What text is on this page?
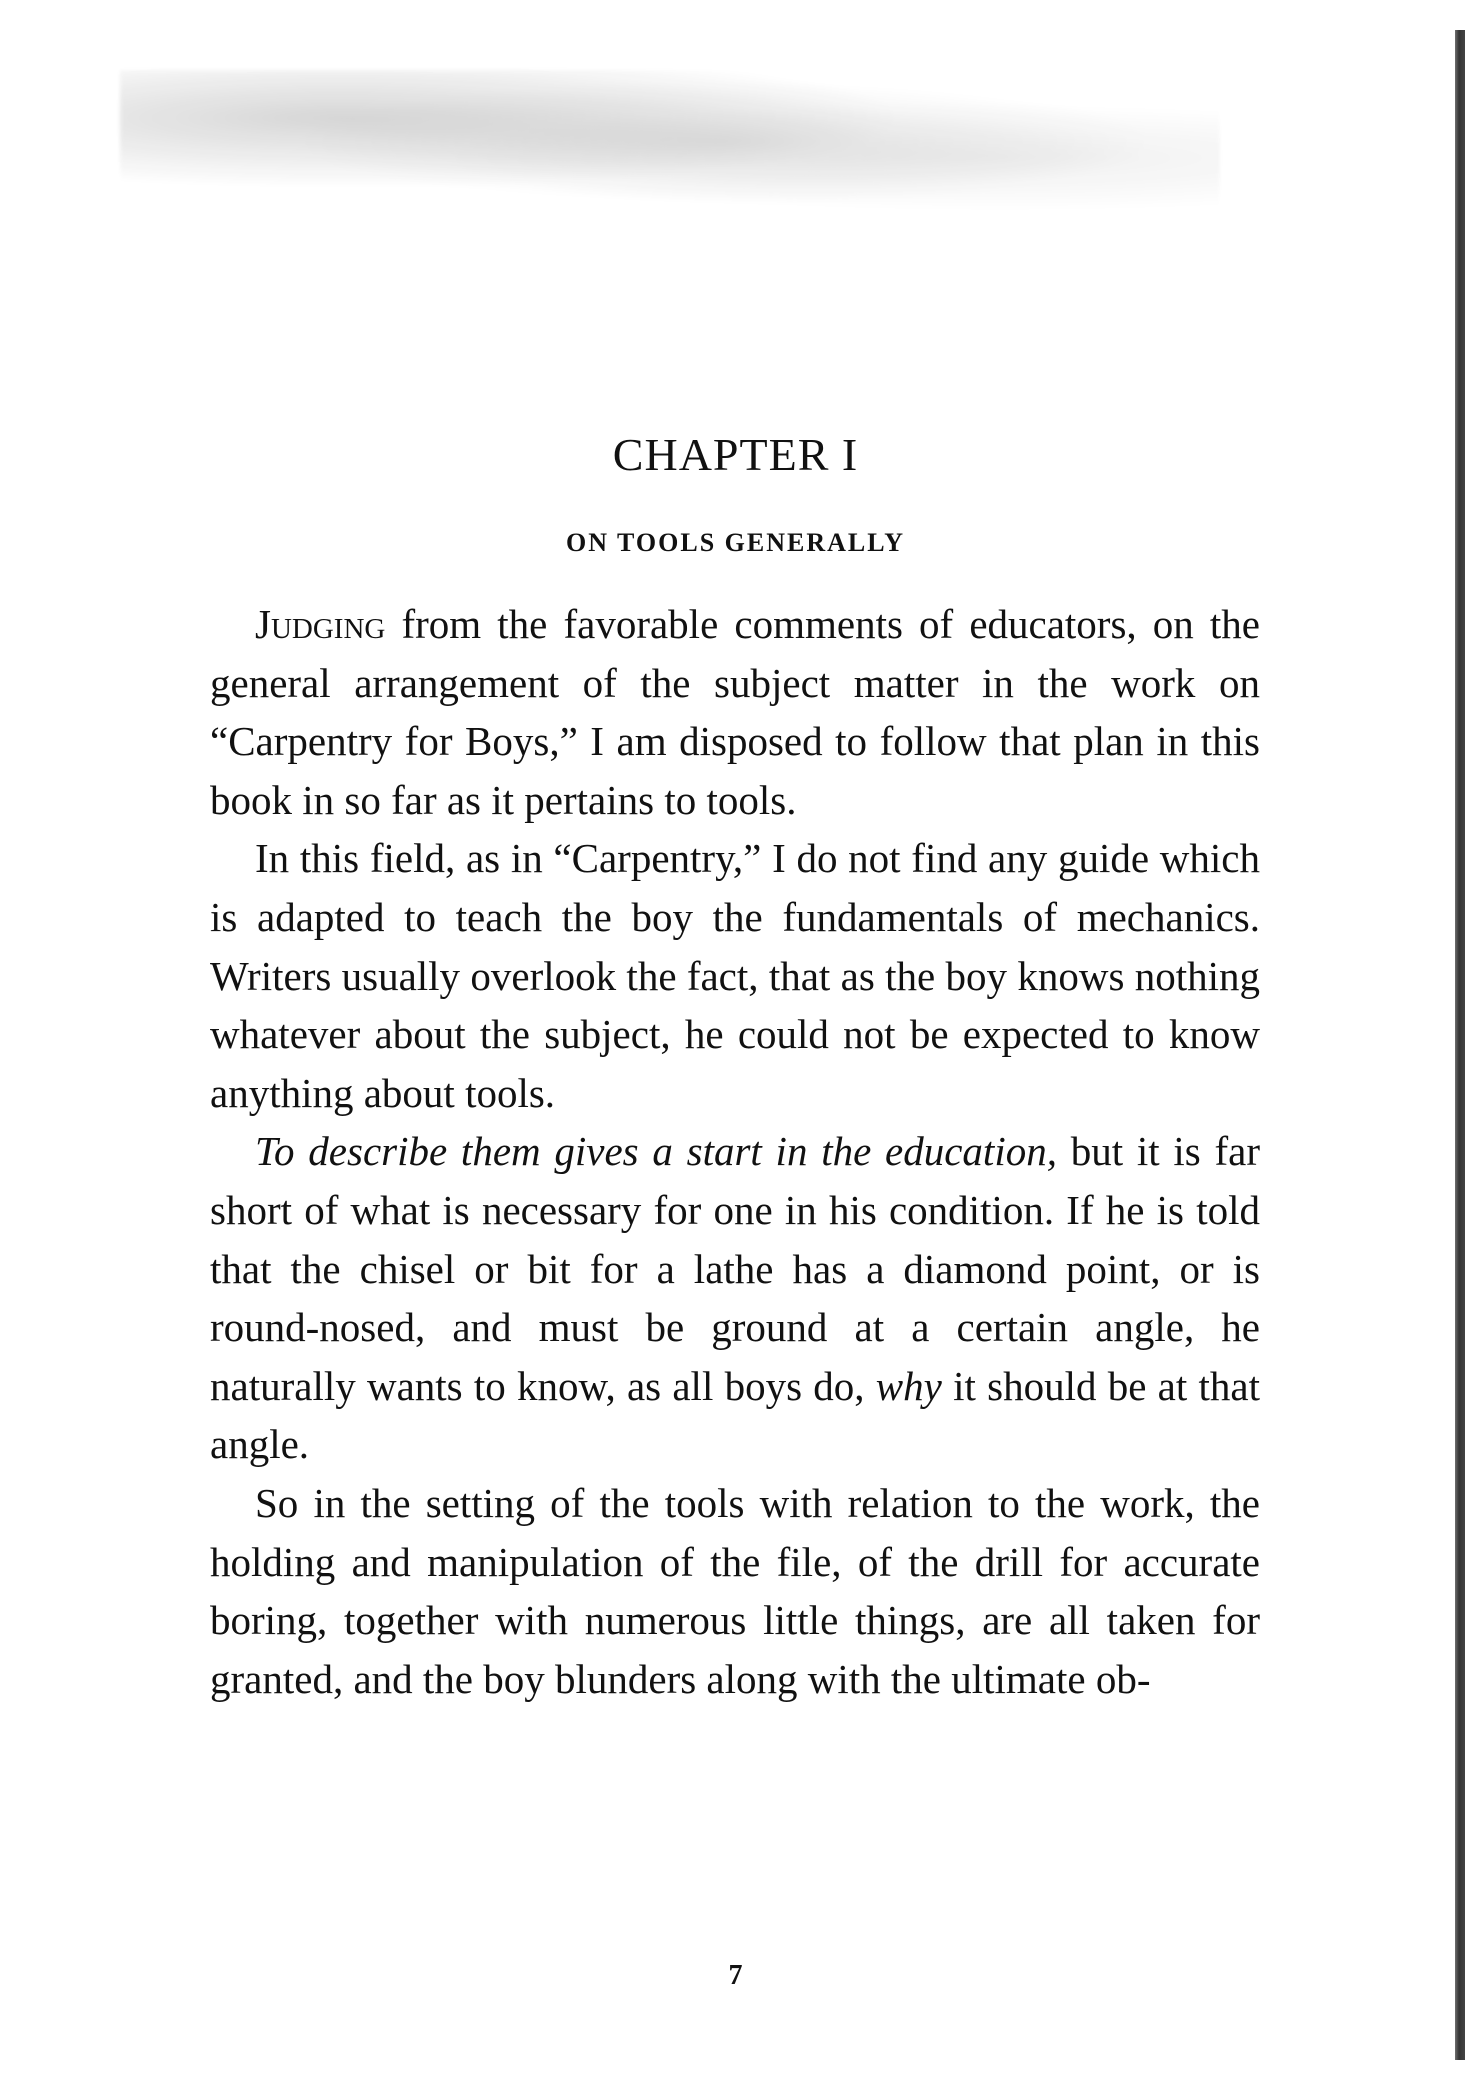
CHAPTER I
ON TOOLS GENERALLY

Judging from the favorable comments of educators, on the general arrangement of the subject matter in the work on “Carpentry for Boys,” I am disposed to follow that plan in this book in so far as it pertains to tools.

In this field, as in “Carpentry,” I do not find any guide which is adapted to teach the boy the fundamentals of mechanics. Writers usually overlook the fact, that as the boy knows nothing whatever about the subject, he could not be expected to know anything about tools.

To describe them gives a start in the education, but it is far short of what is necessary for one in his condition. If he is told that the chisel or bit for a lathe has a diamond point, or is round-nosed, and must be ground at a certain angle, he naturally wants to know, as all boys do, why it should be at that angle.

So in the setting of the tools with relation to the work, the holding and manipulation of the file, of the drill for accurate boring, together with numerous little things, are all taken for granted, and the boy blunders along with the ultimate ob-

7
